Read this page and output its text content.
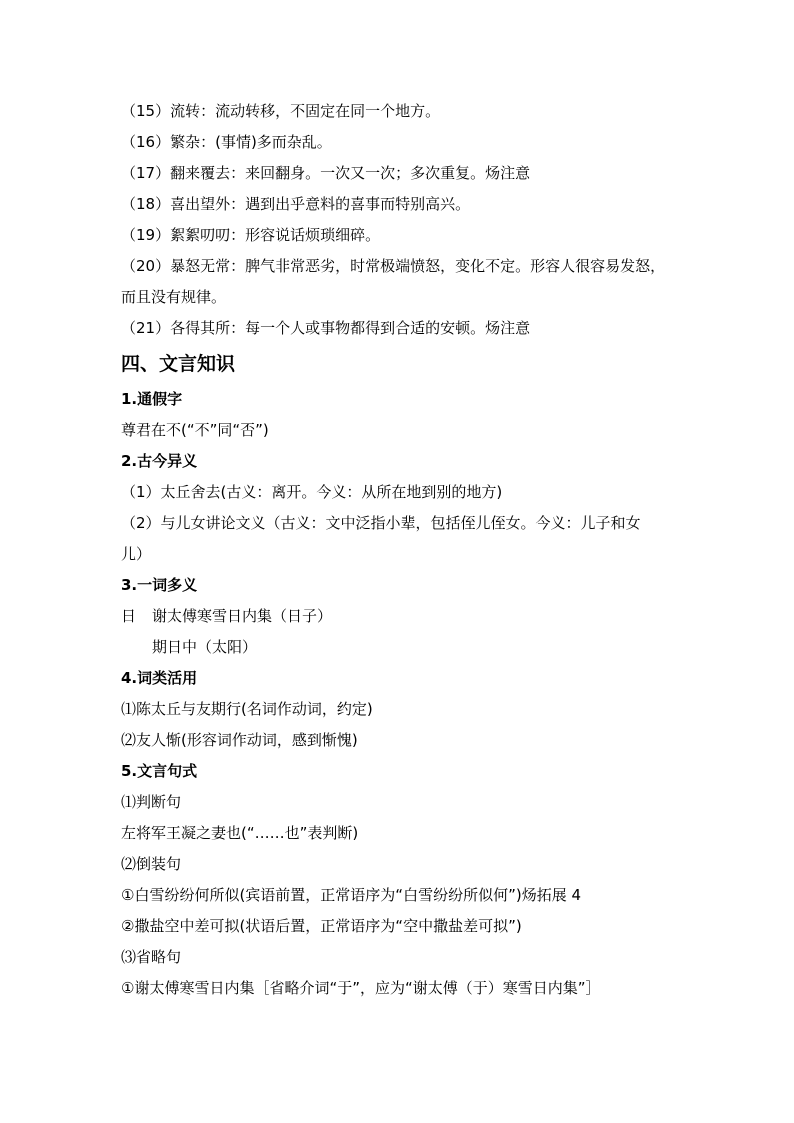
（15）流转：流动转移，不固定在同一个地方。
（16）繁杂：(事情)多而杂乱。
（17）翻来覆去：来回翻身。一次又一次；多次重复。炀注意
（18）喜出望外：遇到出乎意料的喜事而特别高兴。
（19）絮絮叨叨：形容说话烦琐细碎。
（20）暴怒无常：脾气非常恶劣，时常极端愤怒，变化不定。形容人很容易发怒，
而且没有规律。
（21）各得其所：每一个人或事物都得到合适的安顿。炀注意
四、文言知识
1.通假字
尊君在不(“不”同“否”)
2.古今异义
（1）太丘舍去(古义：离开。今义：从所在地到别的地方)
（2）与儿女讲论文义（古义：文中泛指小辈，包括侄儿侄女。今义：儿子和女
儿）
3.一词多义
日	谢太傅寒雪日内集（日子）
期日中（太阳）
4.词类活用
⑴陈太丘与友期行(名词作动词，约定)
⑵友人惭(形容词作动词，感到惭愧)
5.文言句式
⑴判断句
左将军王凝之妻也(“……也”表判断)
⑵倒装句
①白雪纷纷何所似(宾语前置，正常语序为“白雪纷纷所似何”)炀拓展 4
②撒盐空中差可拟(状语后置，正常语序为“空中撒盐差可拟”)
⑶省略句
①谢太傅寒雪日内集［省略介词“于”，应为“谢太傅（于）寒雪日内集”］
